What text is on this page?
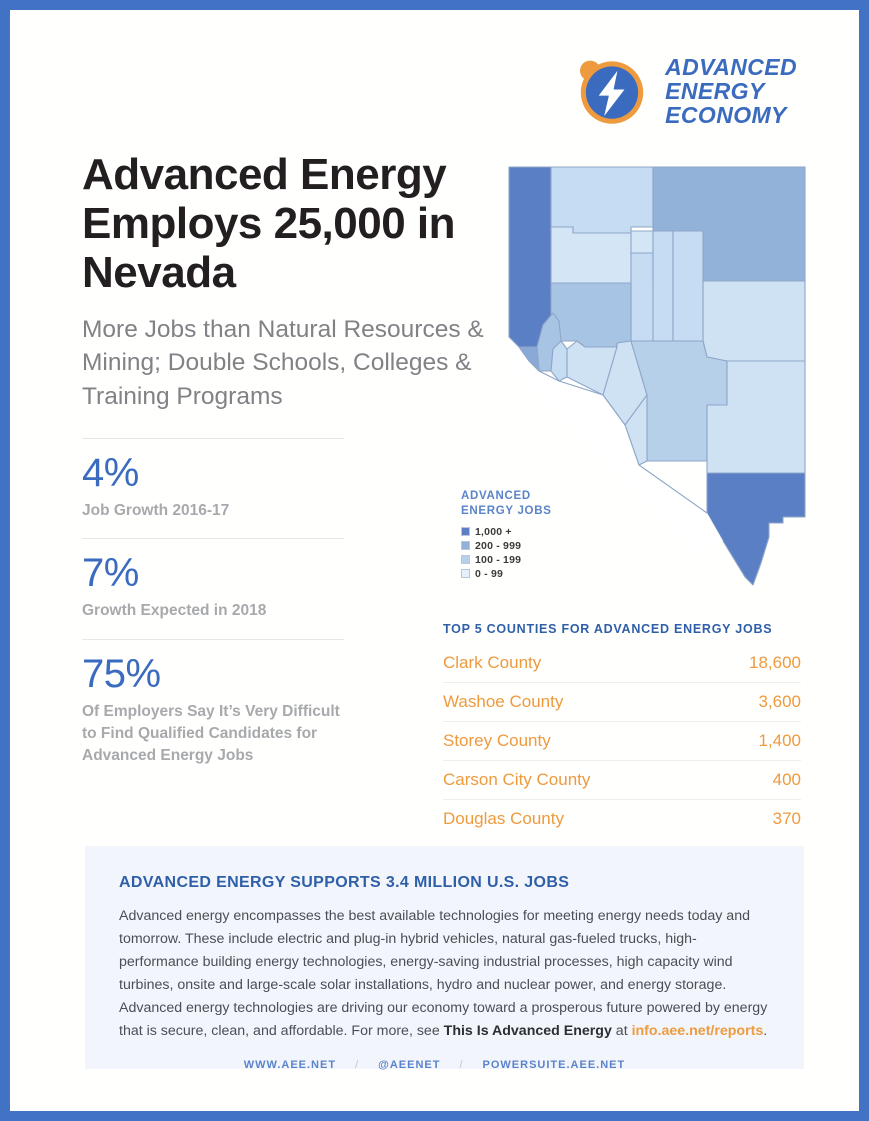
ADVANCED
ENERGY
ECONOMY
Advanced Energy Employs 25,000 in Nevada
More Jobs than Natural Resources & Mining; Double Schools, Colleges & Training Programs
4%
Job Growth 2016-17
7%
Growth Expected in 2018
75%
Of Employers Say It’s Very Difficult to Find Qualified Candidates for Advanced Energy Jobs
ADVANCED
ENERGY JOBS
1,000 +
200 - 999
100 - 199
0 - 99
TOP 5 COUNTIES FOR ADVANCED ENERGY JOBS
Clark County	18,600
Washoe County	3,600
Storey County	1,400
Carson City County	400
Douglas County	370
ADVANCED ENERGY SUPPORTS 3.4 MILLION U.S. JOBS
Advanced energy encompasses the best available technologies for meeting energy needs today and tomorrow. These include electric and plug-in hybrid vehicles, natural gas-fueled trucks, high-performance building energy technologies, energy-saving industrial processes, high capacity wind turbines, onsite and large-scale solar installations, hydro and nuclear power, and energy storage. Advanced energy technologies are driving our economy toward a prosperous future powered by energy that is secure, clean, and affordable. For more, see This Is Advanced Energy at info.aee.net/reports.
WWW.AEE.NET / @AEENET / POWERSUITE.AEE.NET
